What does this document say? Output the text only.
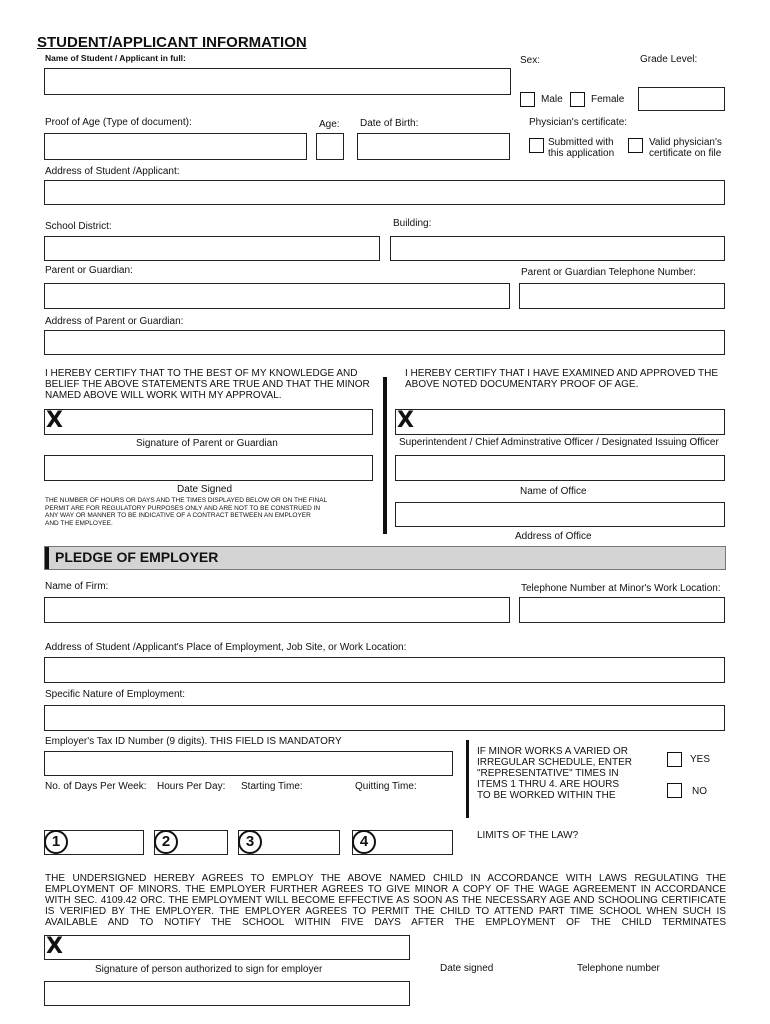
STUDENT/APPLICANT INFORMATION
Name of Student / Applicant in full:	Sex:	Grade Level:
Male	Female
Proof of Age (Type of document):	Age: Date of Birth:	Physician's certificate:
Submitted with
this application
Valid physician's
certificate on file
Address of Student /Applicant:
School District:	Building:
Parent or Guardian:	Parent or Guardian Telephone Number:
Address of Parent or Guardian:
I HEREBY CERTIFY THAT TO THE BEST OF MY KNOWLEDGE AND
BELIEF THE ABOVE STATEMENTS ARE TRUE AND THAT THE MINOR
NAMED ABOVE WILL WORK WITH MY APPROVAL.
I HEREBY CERTIFY THAT I HAVE EXAMINED AND APPROVED THE
ABOVE NOTED DOCUMENTARY PROOF OF AGE.
X	X
Signature of Parent or Guardian	Superintendent / Chief Adminstrative Officer / Designated Issuing Officer
Date Signed	Name of Office
THE NUMBER OF HOURS OR DAYS AND THE TIMES DISPLAYED BELOW OR ON THE FINAL
PERMIT ARE FOR REGULATORY PURPOSES ONLY AND ARE NOT TO BE CONSTRUED IN
ANY WAY OR MANNER TO BE INDICATIVE OF A CONTRACT BETWEEN AN EMPLOYER
AND THE EMPLOYEE.
Address of Office
PLEDGE OF EMPLOYER
Name of Firm:	Telephone Number at Minor's Work Location:
Address of Student /Applicant's Place of Employment, Job Site, or Work Location:
Specific Nature of Employment:
Employer's Tax ID Number (9 digits). THIS FIELD IS MANDATORY
IF MINOR WORKS A VARIED OR
IRREGULAR SCHEDULE, ENTER
"REPRESENTATIVE" TIMES IN
ITEMS 1 THRU 4. ARE HOURS
TO BE WORKED WITHIN THE
YES
NO
No. of Days Per Week: Hours Per Day: Starting Time:	Quitting Time:
1	2	3	4	LIMITS OF THE LAW?
THE UNDERSIGNED HEREBY AGREES TO EMPLOY THE ABOVE NAMED CHILD IN ACCORDANCE WITH LAWS REGULATING THE
EMPLOYMENT OF MINORS. THE EMPLOYER FURTHER AGREES TO GIVE MINOR A COPY OF THE WAGE AGREEMENT IN ACCORDANCE
WITH SEC. 4109.42 ORC. THE EMPLOYMENT WILL BECOME EFFECTIVE AS SOON AS THE NECESSARY AGE AND SCHOOLING CERTIFICATE
IS VERIFIED BY THE EMPLOYER. THE EMPLOYER AGREES TO PERMIT THE CHILD TO ATTEND PART TIME SCHOOL WHEN SUCH IS
AVAILABLE AND TO NOTIFY THE SCHOOL WITHIN FIVE DAYS AFTER THE EMPLOYMENT OF THE CHILD TERMINATES
X
Signature of person authorized to sign for employer	Date signed	Telephone number
